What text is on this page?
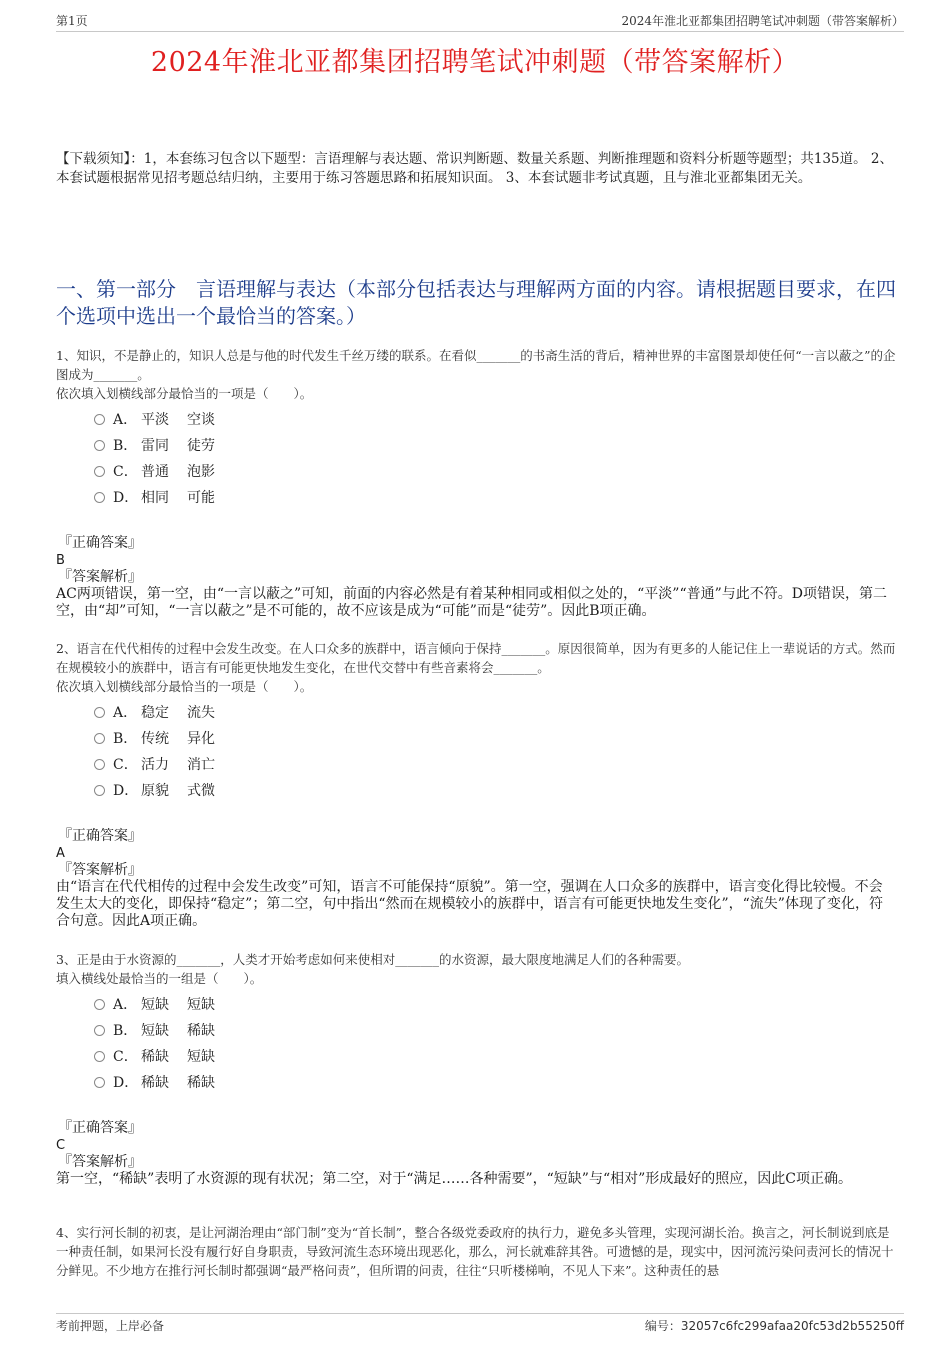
第1页	2024年淮北亚都集团招聘笔试冲刺题（带答案解析）
2024年淮北亚都集团招聘笔试冲刺题（带答案解析）
【下载须知】：1，本套练习包含以下题型：言语理解与表达题、常识判断题、数量关系题、判断推理题和资料分析题等题型；共135道。 2、本套试题根据常见招考题总结归纳，主要用于练习答题思路和拓展知识面。 3、本套试题非考试真题，且与淮北亚都集团无关。
一、第一部分　言语理解与表达（本部分包括表达与理解两方面的内容。请根据题目要求，在四个选项中选出一个最恰当的答案。）

1、知识，不是静止的，知识人总是与他的时代发生千丝万缕的联系。在看似_______的书斋生活的背后，精神世界的丰富图景却使任何“一言以蔽之”的企图成为_______。

依次填入划横线部分最恰当的一项是（　　）。

A． 平淡 空谈
B． 雷同 徒劳
C． 普通 泡影
D． 相同 可能
『正确答案』
B
『答案解析』
AC两项错误，第一空，由“一言以蔽之”可知，前面的内容必然是有着某种相同或相似之处的，“平淡”“普通”与此不符。D项错误，第二空，由“却”可知，“一言以蔽之”是不可能的，故不应该是成为“可能”而是“徒劳”。因此B项正确。

2、语言在代代相传的过程中会发生改变。在人口众多的族群中，语言倾向于保持_______。原因很简单，因为有更多的人能记住上一辈说话的方式。然而在规模较小的族群中，语言有可能更快地发生变化，在世代交替中有些音素将会_______。

依次填入划横线部分最恰当的一项是（　　）。

A． 稳定 流失
B． 传统 异化
C． 活力 消亡
D． 原貌 式微
『正确答案』
A
『答案解析』
由“语言在代代相传的过程中会发生改变”可知，语言不可能保持“原貌”。第一空，强调在人口众多的族群中，语言变化得比较慢。不会发生太大的变化，即保持“稳定”；第二空，句中指出“然而在规模较小的族群中，语言有可能更快地发生变化”，“流失”体现了变化，符合句意。因此A项正确。

3、正是由于水资源的_______，人类才开始考虑如何来使相对_______的水资源，最大限度地满足人们的各种需要。

填入横线处最恰当的一组是（　　）。

A． 短缺 短缺
B． 短缺 稀缺
C． 稀缺 短缺
D． 稀缺 稀缺
『正确答案』
C
『答案解析』
第一空，“稀缺”表明了水资源的现有状况；第二空，对于“满足……各种需要”，“短缺”与“相对”形成最好的照应，因此C项正确。

4、实行河长制的初衷，是让河湖治理由“部门制”变为“首长制”，整合各级党委政府的执行力，避免多头管理，实现河湖长治。换言之，河长制说到底是一种责任制，如果河长没有履行好自身职责，导致河流生态环境出现恶化，那么，河长就难辞其咎。可遗憾的是，现实中，因河流污染问责河长的情况十分鲜见。不少地方在推行河长制时都强调“最严格问责”，但所谓的问责，往往“只听楼梯响，不见人下来”。这种责任的悬

考前押题，上岸必备	编号：32057c6fc299afaa20fc53d2b55250ff
